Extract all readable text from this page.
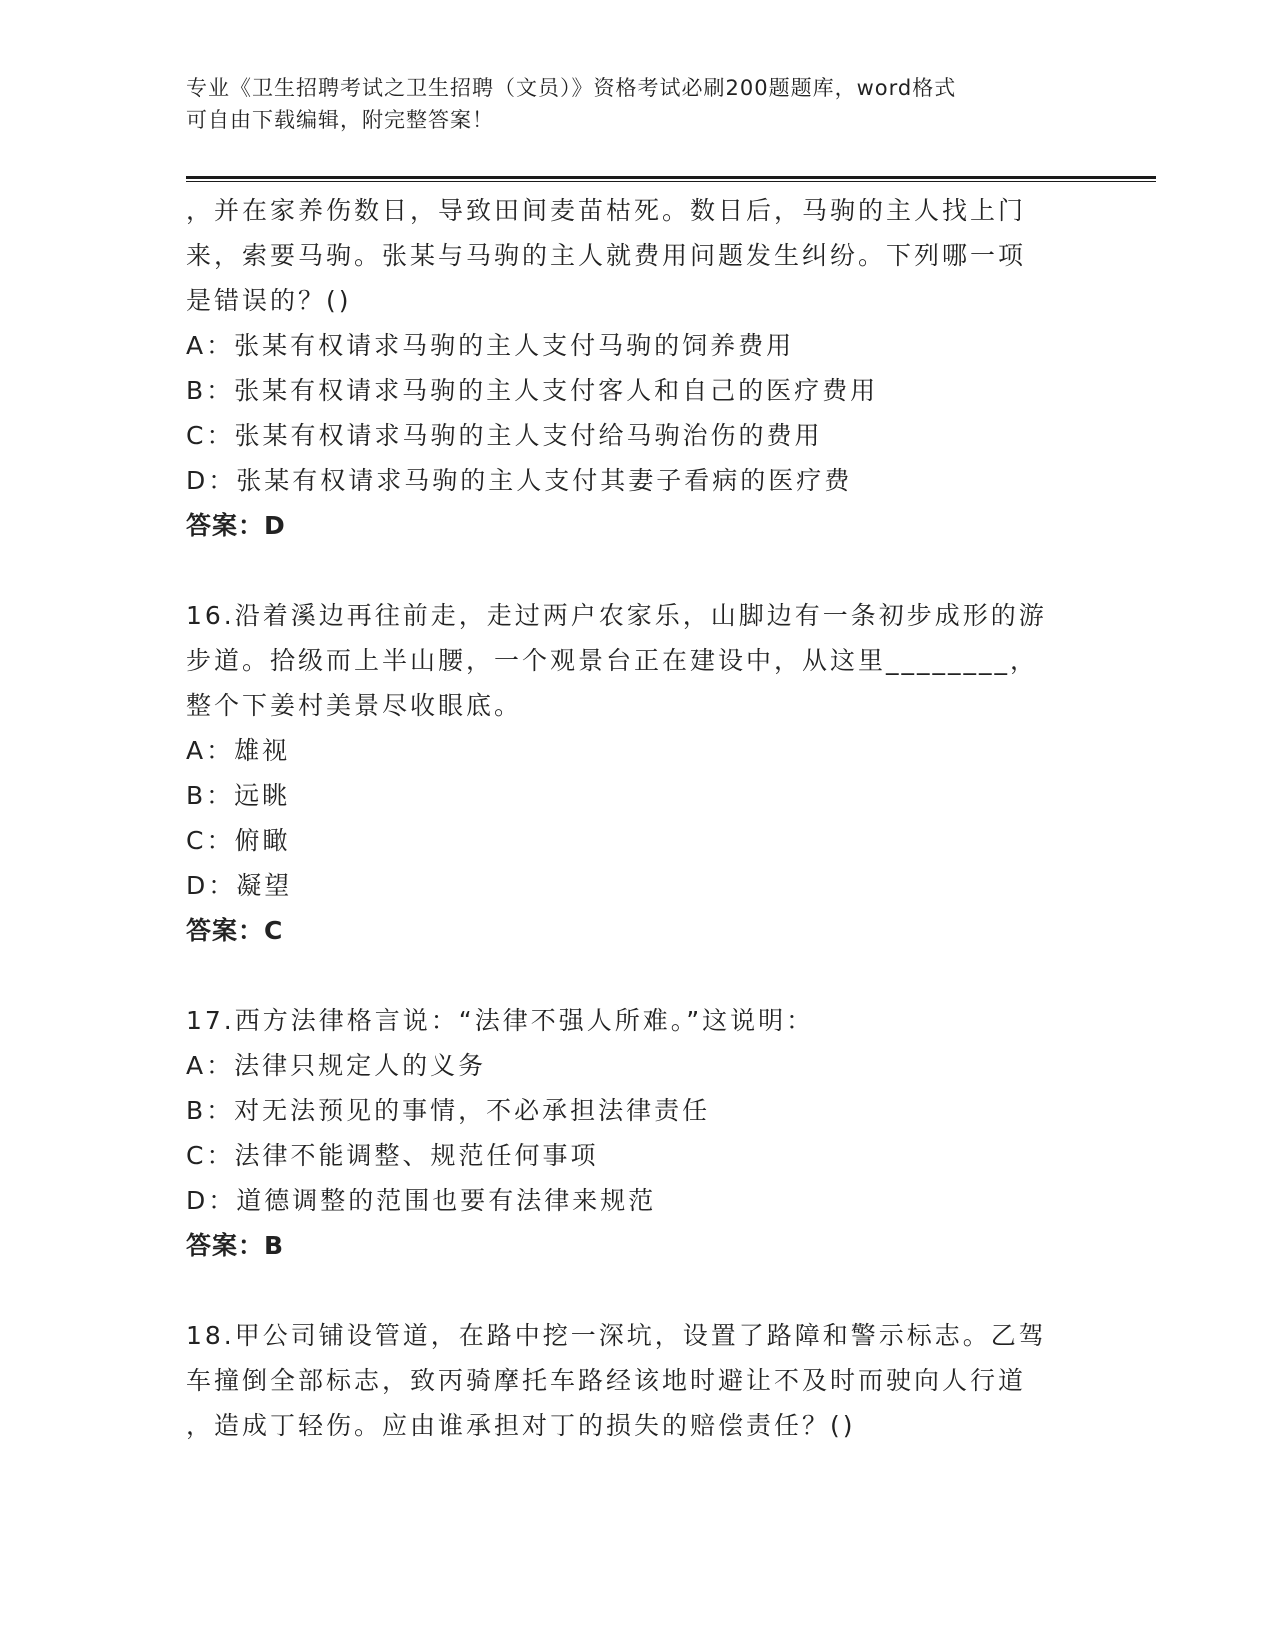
专业《卫生招聘考试之卫生招聘（文员）》资格考试必刷200题题库，word格式
可自由下载编辑，附完整答案！

，并在家养伤数日，导致田间麦苗枯死。数日后，马驹的主人找上门

来，索要马驹。张某与马驹的主人就费用问题发生纠纷。下列哪一项

是错误的？()

A：张某有权请求马驹的主人支付马驹的饲养费用

B：张某有权请求马驹的主人支付客人和自己的医疗费用

C：张某有权请求马驹的主人支付给马驹治伤的费用

D：张某有权请求马驹的主人支付其妻子看病的医疗费

答案：D

16.沿着溪边再往前走，走过两户农家乐，山脚边有一条初步成形的游

步道。拾级而上半山腰，一个观景台正在建设中，从这里________，

整个下姜村美景尽收眼底。

A：雄视

B：远眺

C：俯瞰

D：凝望

答案：C

17.西方法律格言说：“法律不强人所难。”这说明：

A：法律只规定人的义务

B：对无法预见的事情，不必承担法律责任

C：法律不能调整、规范任何事项

D：道德调整的范围也要有法律来规范

答案：B

18.甲公司铺设管道，在路中挖一深坑，设置了路障和警示标志。乙驾

车撞倒全部标志，致丙骑摩托车路经该地时避让不及时而驶向人行道

，造成丁轻伤。应由谁承担对丁的损失的赔偿责任？()
